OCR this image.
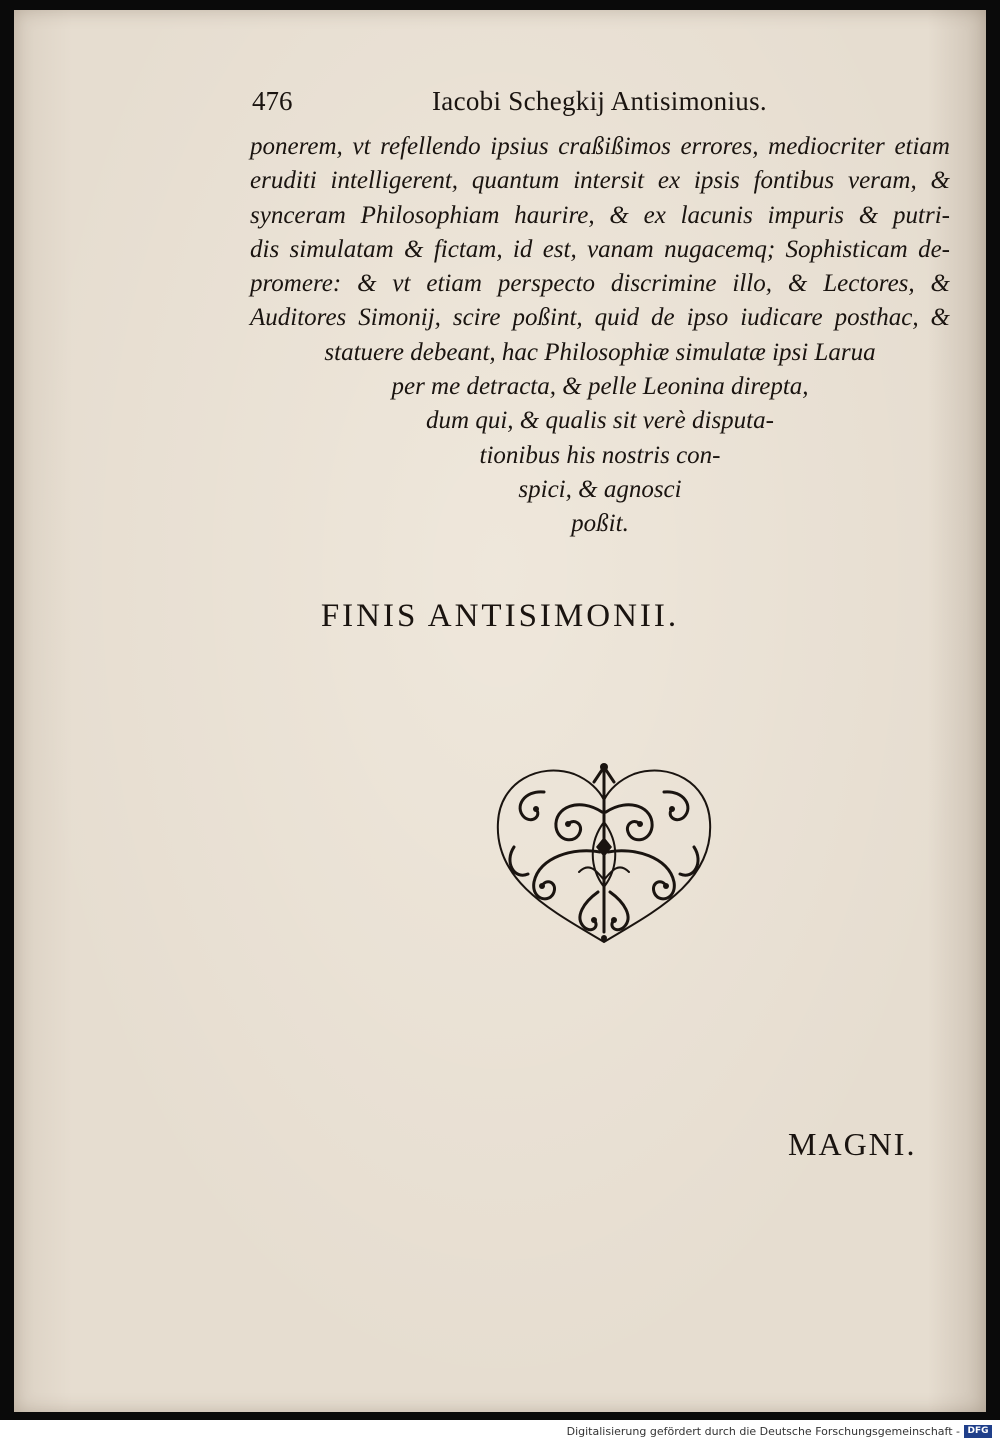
476	Iacobi Schegkij Antisimonius.
ponerem, vt refellendo ipsius craßißimos errores, mediocriter etiam
eruditi intelligerent, quantum intersit ex ipsis fontibus veram, &
synceram Philosophiam haurire, & ex lacunis impuris & putri-
dis simulatam & fictam, id est, vanam nugacemq; Sophisticam de-
promere: & vt etiam perspecto discrimine illo, & Lectores, &
Auditores Simonij, scire poßint, quid de ipso iudicare posthac, &
statuere debeant, hac Philosophiæ simulatæ ipsi Larua
per me detracta, & pelle Leonina direpta,
dum qui, & qualis sit verè disputa-
tionibus his nostris con-
spici, & agnosci
poßit.
FINIS ANTISIMONII.
MAGNI.
Digitalisierung gefördert durch die Deutsche Forschungsgemeinschaft - DFG
